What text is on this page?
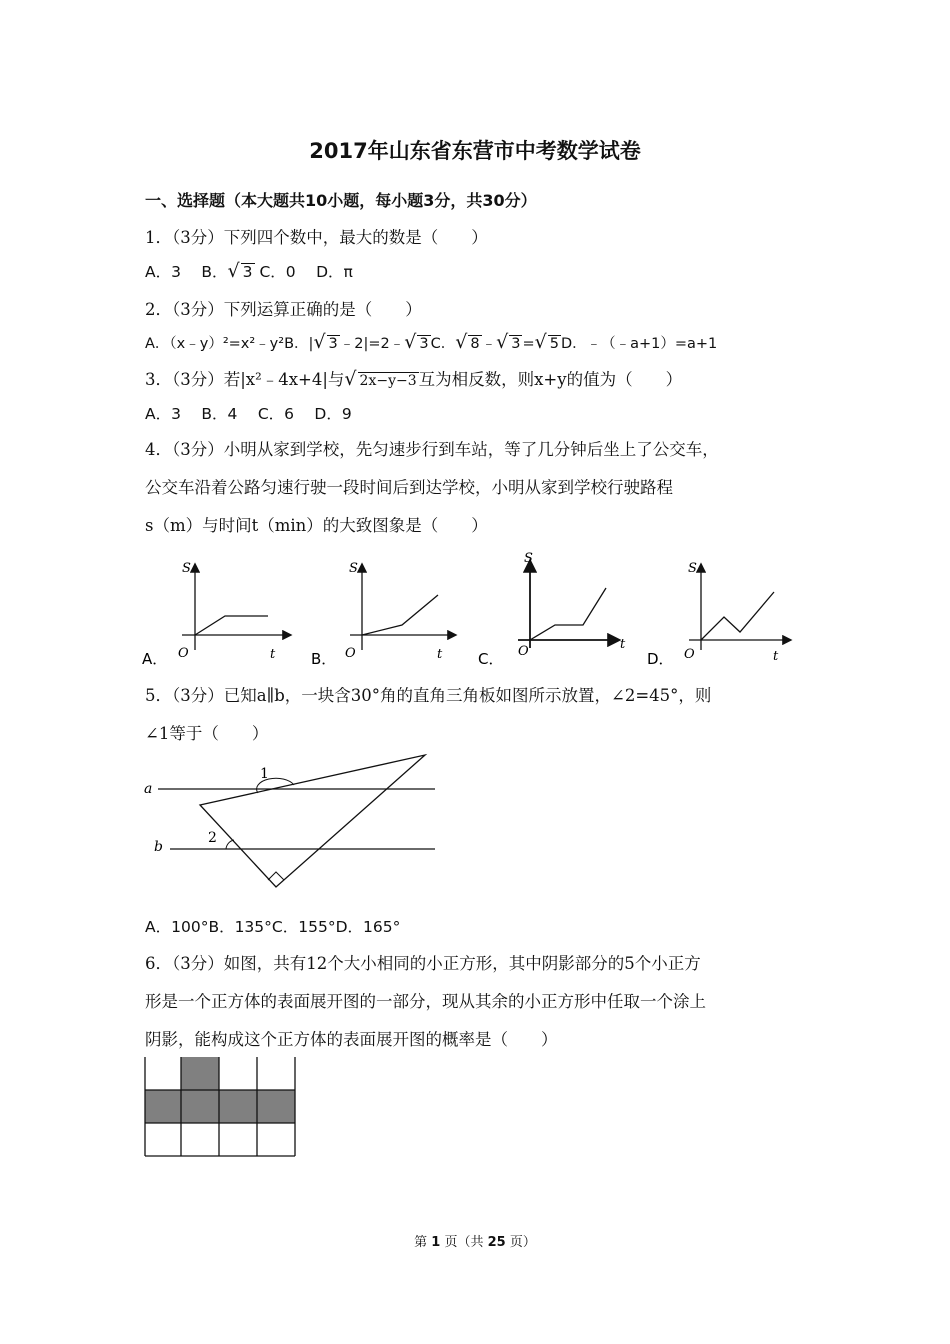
2017年山东省东营市中考数学试卷
一、选择题（本大题共10小题，每小题3分，共30分）
1．（3分）下列四个数中，最大的数是（　　）
A．3　 B．√ 3 C．0　 D．π
2．（3分）下列运算正确的是（　　）
A．（x﹣y）²=x²﹣y²B．|√ 3 ﹣2|=2﹣√ 3 C．√ 8 ﹣√ 3 =√ 5 D．﹣（﹣a+1）=a+1
3．（3分）若|x²﹣4x+4|与√ 2x−y−3 互为相反数，则x+y的值为（　　）
A．3　 B．4　 C．6　 D．9
4．（3分）小明从家到学校，先匀速步行到车站，等了几分钟后坐上了公交车，
公交车沿着公路匀速行驶一段时间后到达学校，小明从家到学校行驶路程
s（m）与时间t（min）的大致图象是（　　）
A．
S
O	t B．
S
O	t C．
S
O	t
D．
S
O	t
5．（3分）已知a∥b，一块含30°角的直角三角板如图所示放置，∠2=45°，则
∠1等于（　　）
a
b
1
2
A．100°B．135°C．155°D．165°
6．（3分）如图，共有12个大小相同的小正方形，其中阴影部分的5个小正方
形是一个正方体的表面展开图的一部分，现从其余的小正方形中任取一个涂上
阴影，能构成这个正方体的表面展开图的概率是（　　）
第 1 页（共 25 页）
